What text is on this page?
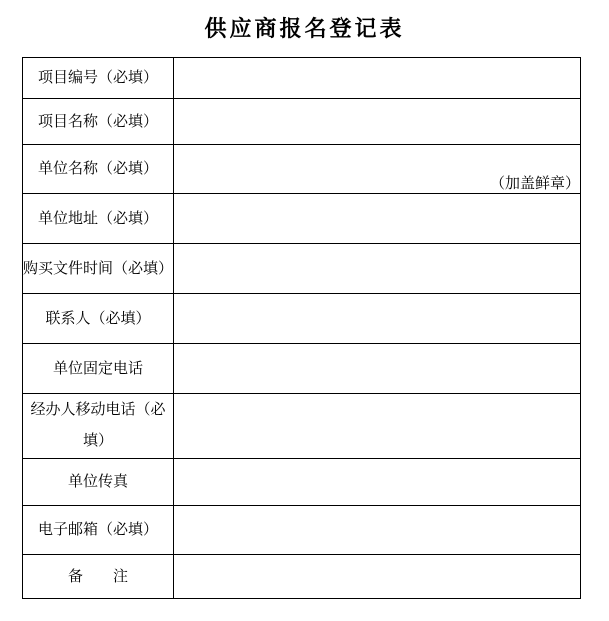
供应商报名登记表
项目编号（必填）	
项目名称（必填）	
单位名称（必填）	（加盖鲜章）
单位地址（必填）	
购买文件时间（必填）	
联系人（必填）	
单位固定电话	
经办人移动电话（必填）	
单位传真	
电子邮箱（必填）	
备　　注	
